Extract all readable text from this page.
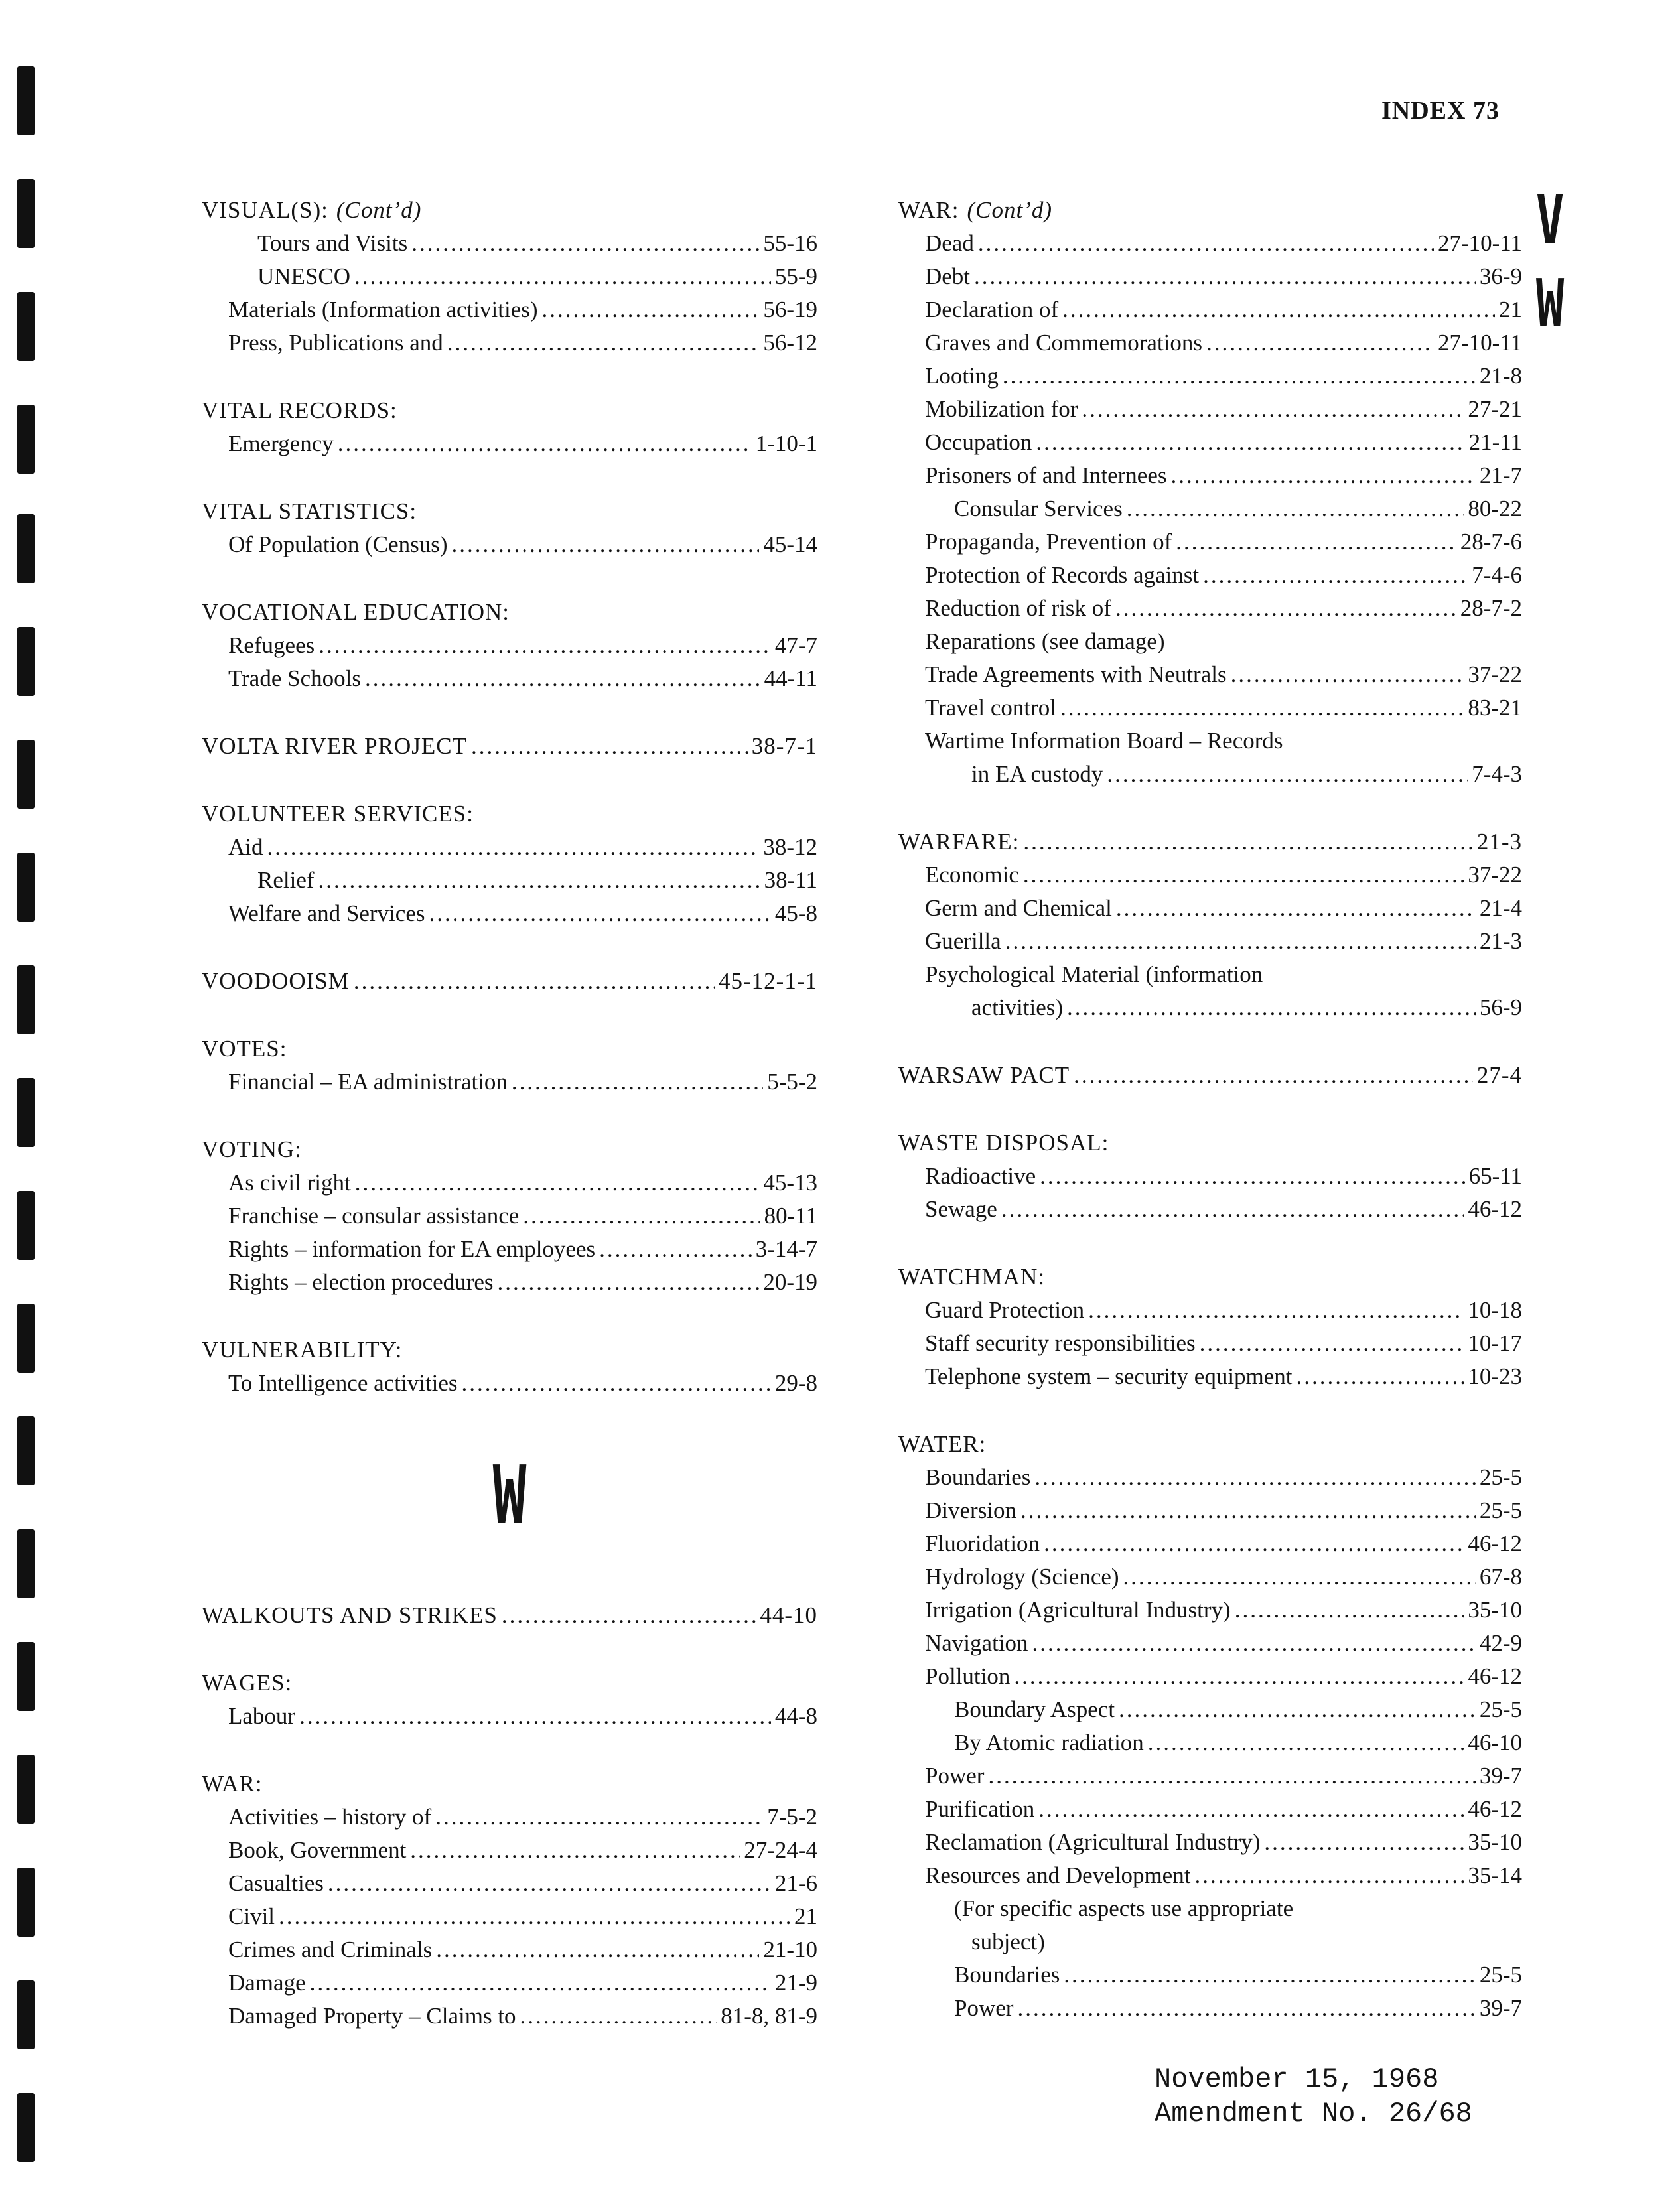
INDEX 73
V
W
VISUAL(S): (Cont’d)
Tours and Visits .....	55-16
UNESCO .....	55-9
Materials (Information activities) .....	56-19
Press, Publications and .....	56-12
VITAL RECORDS:
Emergency .....	1-10-1
VITAL STATISTICS:
Of Population (Census) .....	45-14
VOCATIONAL EDUCATION:
Refugees .....	47-7
Trade Schools .....	44-11
VOLTA RIVER PROJECT .....	38-7-1
VOLUNTEER SERVICES:
Aid .....	38-12
Relief .....	38-11
Welfare and Services .....	45-8
VOODOOISM .....	45-12-1-1
VOTES:
Financial – EA administration .....	5-5-2
VOTING:
As civil right .....	45-13
Franchise – consular assistance .....	80-11
Rights – information for EA employees .....	3-14-7
Rights – election procedures .....	20-19
VULNERABILITY:
To Intelligence activities .....	29-8
W
WALKOUTS AND STRIKES .....	44-10
WAGES:
Labour .....	44-8
WAR:
Activities – history of .....	7-5-2
Book, Government .....	27-24-4
Casualties .....	21-6
Civil .....	21
Crimes and Criminals .....	21-10
Damage .....	21-9
Damaged Property – Claims to .....	81-8, 81-9
WAR: (Cont’d)
Dead .....	27-10-11
Debt .....	36-9
Declaration of .....	21
Graves and Commemorations .....	27-10-11
Looting .....	21-8
Mobilization for .....	27-21
Occupation .....	21-11
Prisoners of and Internees .....	21-7
Consular Services .....	80-22
Propaganda, Prevention of .....	28-7-6
Protection of Records against .....	7-4-6
Reduction of risk of .....	28-7-2
Reparations (see damage)
Trade Agreements with Neutrals .....	37-22
Travel control .....	83-21
Wartime Information Board – Records
in EA custody .....	7-4-3
WARFARE: .....	21-3
Economic .....	37-22
Germ and Chemical .....	21-4
Guerilla .....	21-3
Psychological Material (information
activities) .....	56-9
WARSAW PACT .....	27-4
WASTE DISPOSAL:
Radioactive .....	65-11
Sewage .....	46-12
WATCHMAN:
Guard Protection .....	10-18
Staff security responsibilities .....	10-17
Telephone system – security equipment .....	10-23
WATER:
Boundaries .....	25-5
Diversion .....	25-5
Fluoridation .....	46-12
Hydrology (Science) .....	67-8
Irrigation (Agricultural Industry) .....	35-10
Navigation .....	42-9
Pollution .....	46-12
Boundary Aspect .....	25-5
By Atomic radiation .....	46-10
Power .....	39-7
Purification .....	46-12
Reclamation (Agricultural Industry) .....	35-10
Resources and Development .....	35-14
(For specific aspects use appropriate
subject)
Boundaries .....	25-5
Power .....	39-7
November 15, 1968
Amendment No. 26/68
